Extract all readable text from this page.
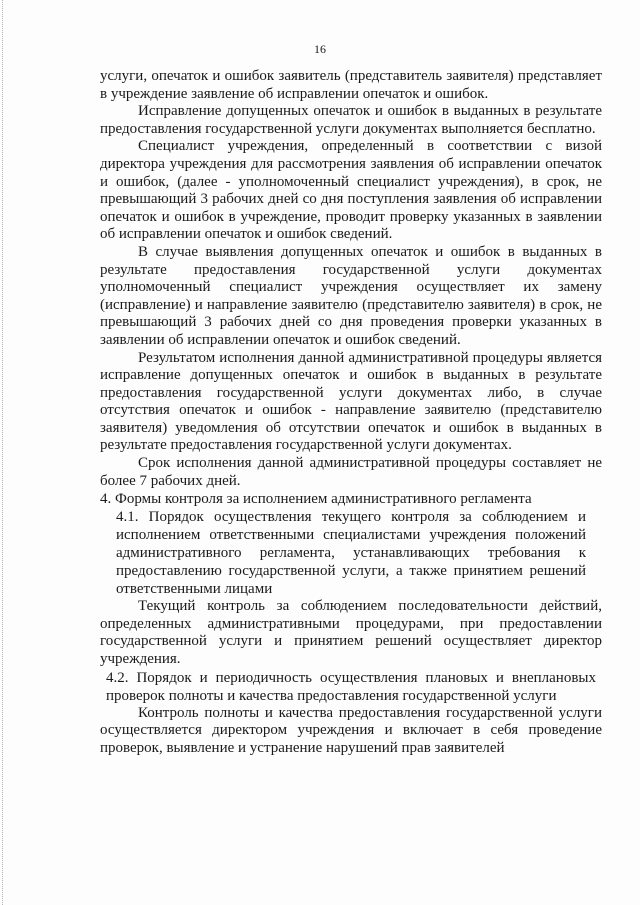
16

услуги, опечаток и ошибок заявитель (представитель заявителя) представляет в учреждение заявление об исправлении опечаток и ошибок.

Исправление допущенных опечаток и ошибок в выданных в результате предоставления государственной услуги документах выполняется бесплатно.

Специалист учреждения, определенный в соответствии с визой директора учреждения для рассмотрения заявления об исправлении опечаток и ошибок, (далее - уполномоченный специалист учреждения), в срок, не превышающий 3 рабочих дней со дня поступления заявления об исправлении опечаток и ошибок в учреждение, проводит проверку указанных в заявлении об исправлении опечаток и ошибок сведений.

В случае выявления допущенных опечаток и ошибок в выданных в результате предоставления государственной услуги документах уполномоченный специалист учреждения осуществляет их замену (исправление) и направление заявителю (представителю заявителя) в срок, не превышающий 3 рабочих дней со дня проведения проверки указанных в заявлении об исправлении опечаток и ошибок сведений.

Результатом исполнения данной административной процедуры является исправление допущенных опечаток и ошибок в выданных в результате предоставления государственной услуги документах либо, в случае отсутствия опечаток и ошибок - направление заявителю (представителю заявителя) уведомления об отсутствии опечаток и ошибок в выданных в результате предоставления государственной услуги документах.

Срок исполнения данной административной процедуры составляет не более 7 рабочих дней.

4. Формы контроля за исполнением административного регламента

4.1. Порядок осуществления текущего контроля за соблюдением и исполнением ответственными специалистами учреждения положений административного регламента, устанавливающих требования к предоставлению государственной услуги, а также принятием решений ответственными лицами

Текущий контроль за соблюдением последовательности действий, определенных административными процедурами, при предоставлении государственной услуги и принятием решений осуществляет директор учреждения.

4.2. Порядок и периодичность осуществления плановых и внеплановых проверок полноты и качества предоставления государственной услуги

Контроль полноты и качества предоставления государственной услуги осуществляется директором учреждения и включает в себя проведение проверок, выявление и устранение нарушений прав заявителей
